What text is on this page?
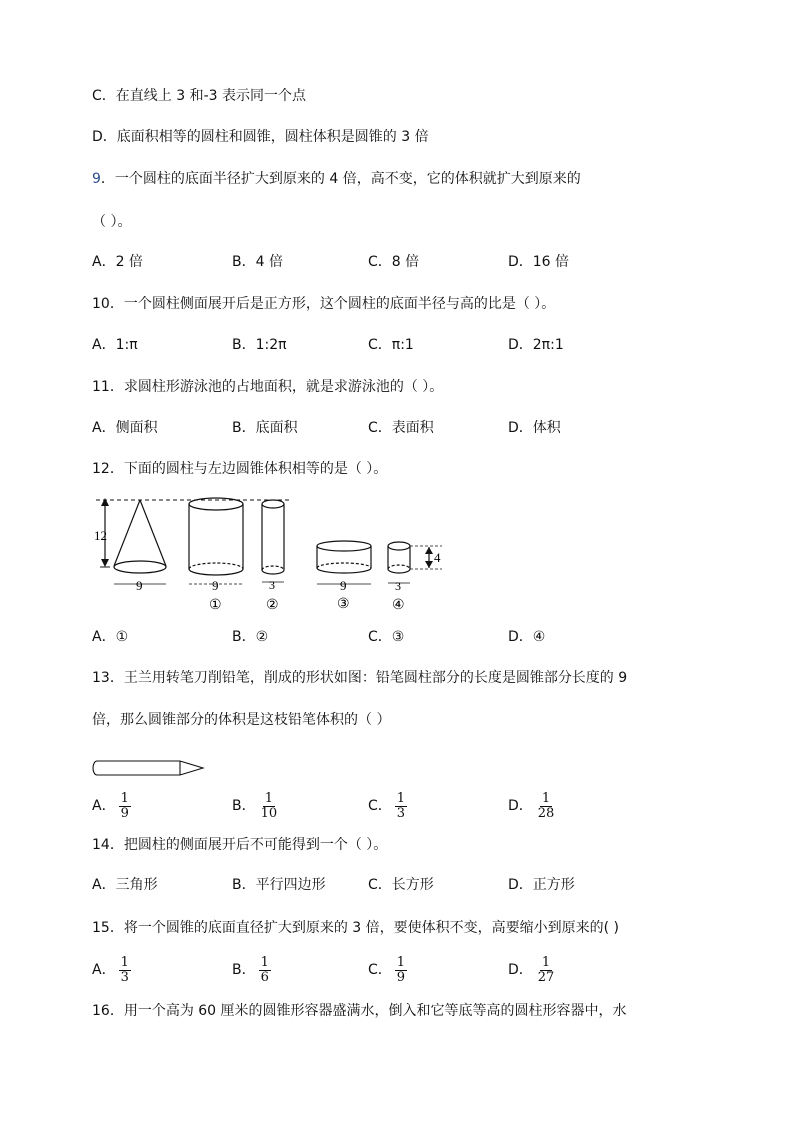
C．在直线上 3 和-3 表示同一个点
D．底面积相等的圆柱和圆锥，圆柱体积是圆锥的 3 倍
9．一个圆柱的底面半径扩大到原来的 4 倍，高不变，它的体积就扩大到原来的
（ ）。
A．2 倍	B．4 倍	C．8 倍	D．16 倍
10．一个圆柱侧面展开后是正方形，这个圆柱的底面半径与高的比是（ ）。
A．1:π	B．1:2π	C．π:1	D．2π:1
11．求圆柱形游泳池的占地面积，就是求游泳池的（ ）。
A．侧面积	B．底面积	C．表面积	D．体积
12．下面的圆柱与左边圆锥体积相等的是（ ）。
12
9	9	3	9	3
4
①	②	③	④
A．①	B．②	C．③	D．④
13．王兰用转笔刀削铅笔，削成的形状如图：铅笔圆柱部分的长度是圆锥部分长度的 9
倍，那么圆锥部分的体积是这枝铅笔体积的（ ）
A． $\frac{1}{9}$	B． $\frac{1}{10}$	C． $\frac{1}{3}$	D． $\frac{1}{28}$
14．把圆柱的侧面展开后不可能得到一个（ ）。
A．三角形	B．平行四边形	C．长方形	D．正方形
15．将一个圆锥的底面直径扩大到原来的 3 倍，要使体积不变，高要缩小到原来的( )
A． $\frac{1}{3}$	B． $\frac{1}{6}$	C． $\frac{1}{9}$	D． $\frac{1}{27}$
16．用一个高为 60 厘米的圆锥形容器盛满水，倒入和它等底等高的圆柱形容器中，水
